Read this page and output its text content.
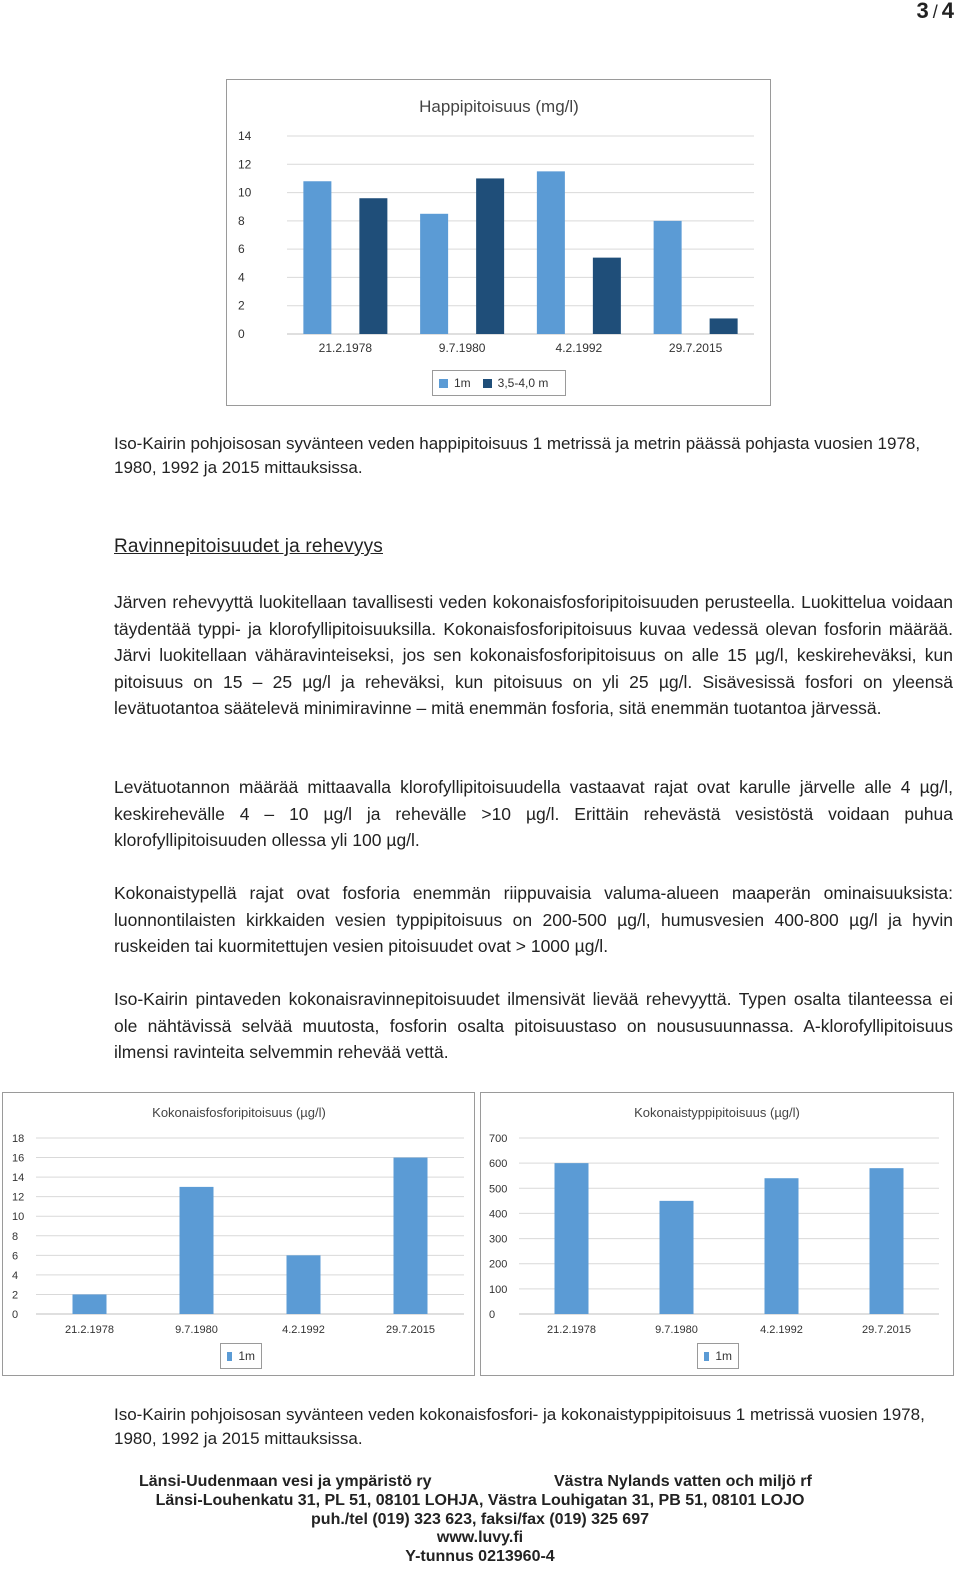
3 / 4
Happipitoisuus (mg/l)
0
2
4
6
8
10
12
14
21.2.1978	9.7.1980	4.2.1992	29.7.2015
1m 3,5-4,0 m
Iso-Kairin pohjoisosan syvänteen veden happipitoisuus 1 metrissä ja metrin päässä pohjasta vuosien 1978, 1980, 1992 ja 2015 mittauksissa.
Ravinnepitoisuudet ja rehevyys

Järven rehevyyttä luokitellaan tavallisesti veden kokonaisfosforipitoisuuden perusteella. Luokittelua voidaan täydentää typpi- ja klorofyllipitoisuuksilla. Kokonaisfosforipitoisuus kuvaa vedessä olevan fosforin määrää. Järvi luokitellaan vähäravinteiseksi, jos sen kokonaisfosforipitoisuus on alle 15 µg/l, keskireheväksi, kun pitoisuus on 15 – 25 µg/l ja reheväksi, kun pitoisuus on yli 25 µg/l. Sisävesissä fosfori on yleensä levätuotantoa säätelevä minimiravinne – mitä enemmän fosforia, sitä enemmän tuotantoa järvessä.

Levätuotannon määrää mittaavalla klorofyllipitoisuudella vastaavat rajat ovat karulle järvelle alle 4 µg/l, keskirehevälle 4 – 10 µg/l ja rehevälle >10 µg/l. Erittäin rehevästä vesistöstä voidaan puhua klorofyllipitoisuuden ollessa yli 100 µg/l.

Kokonaistypellä rajat ovat fosforia enemmän riippuvaisia valuma-alueen maaperän ominaisuuksista: luonnontilaisten kirkkaiden vesien typpipitoisuus on 200-500 µg/l, humusvesien 400-800 µg/l ja hyvin ruskeiden tai kuormitettujen vesien pitoisuudet ovat > 1000 µg/l.

Iso-Kairin pintaveden kokonaisravinnepitoisuudet ilmensivät lievää rehevyyttä. Typen osalta tilanteessa ei ole nähtävissä selvää muutosta, fosforin osalta pitoisuustaso on noususuunnassa. A-klorofyllipitoisuus ilmensi ravinteita selvemmin rehevää vettä.

Kokonaisfosforipitoisuus (µg/l)
0
2
4
6
8
10
12
14
16
18
21.2.1978	9.7.1980	4.2.1992	29.7.2015
1m
Kokonaistyppipitoisuus (µg/l)
0
100
200
300
400
500
600
700
21.2.1978	9.7.1980	4.2.1992	29.7.2015
1m
Iso-Kairin pohjoisosan syvänteen veden kokonaisfosfori- ja kokonaistyppipitoisuus 1 metrissä vuosien 1978, 1980, 1992 ja 2015 mittauksissa.
Länsi-Uudenmaan vesi ja ympäristö ry	Västra Nylands vatten och miljö rf
Länsi-Louhenkatu 31, PL 51, 08101 LOHJA, Västra Louhigatan 31, PB 51, 08101 LOJO
puh./tel (019) 323 623, faksi/fax (019) 325 697
www.luvy.fi
Y-tunnus 0213960-4
